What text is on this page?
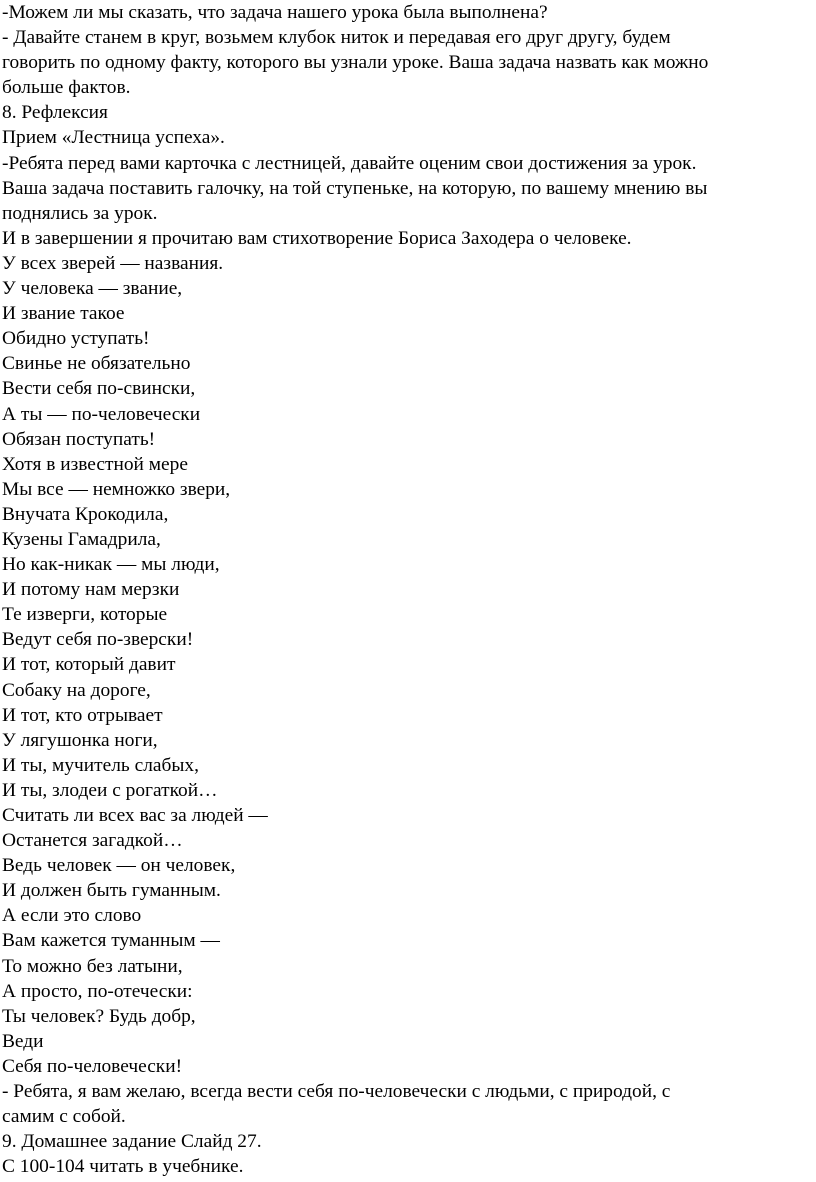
-Можем ли мы сказать, что задача нашего урока была выполнена?

- Давайте станем в круг, возьмем клубок ниток и передавая его друг другу, будем

говорить по одному факту, которого вы узнали уроке. Ваша задача назвать как можно

больше фактов.

8. Рефлексия

Прием «Лестница успеха».

-Ребята перед вами карточка с лестницей, давайте оценим свои достижения за урок.

Ваша задача поставить галочку, на той ступеньке, на которую, по вашему мнению вы

поднялись за урок.

И в завершении я прочитаю вам стихотворение Бориса Заходера о человеке.

У всех зверей — названия.

У человека — звание,

И звание такое

Обидно уступать!

Свинье не обязательно

Вести себя по-свински,

А ты — по-человечески

Обязан поступать!

Хотя в известной мере

Мы все — немножко звери,

Внучата Крокодила,

Кузены Гамадрила,

Но как-никак — мы люди,

И потому нам мерзки

Те изверги, которые

Ведут себя по-зверски!

И тот, который давит

Собаку на дороге,

И тот, кто отрывает

У лягушонка ноги,

И ты, мучитель слабых,

И ты, злодеи с рогаткой…

Считать ли всех вас за людей —

Останется загадкой…

Ведь человек — он человек,

И должен быть гуманным.

А если это слово

Вам кажется туманным —

То можно без латыни,

А просто, по-отечески:

Ты человек? Будь добр,

Веди

Себя по-человечески!

- Ребята, я вам желаю, всегда вести себя по-человечески с людьми, с природой, с

самим с собой.

9. Домашнее задание Слайд 27.

С 100-104 читать в учебнике.
